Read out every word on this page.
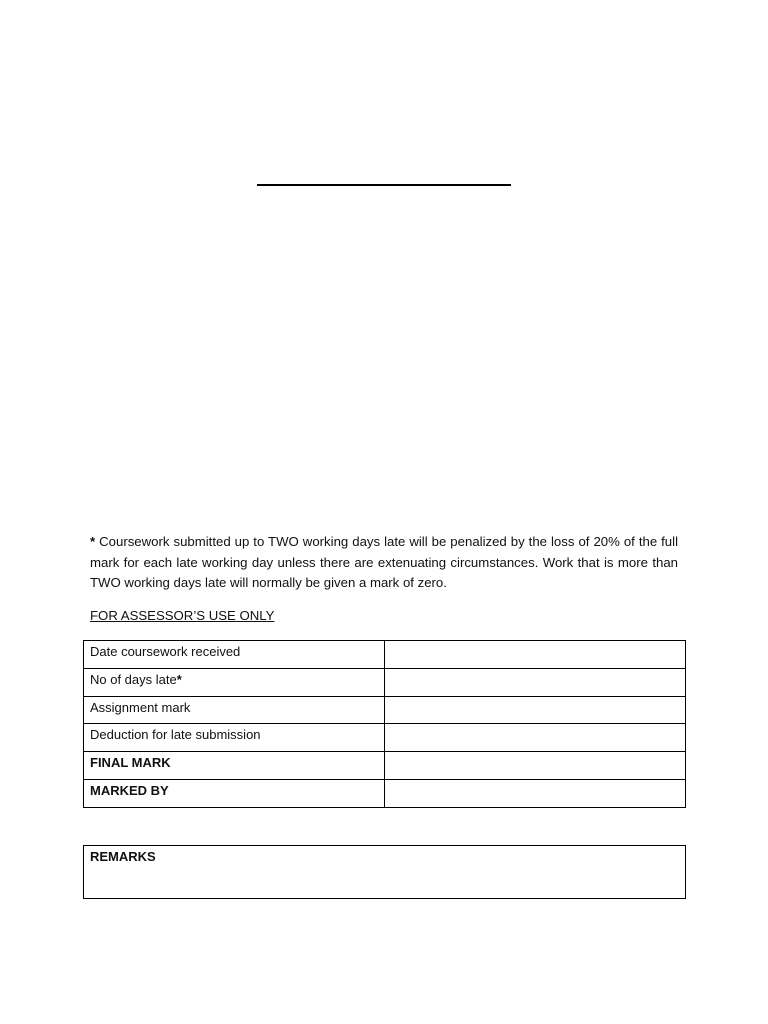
* Coursework submitted up to TWO working days late will be penalized by the loss of 20% of the full mark for each late working day unless there are extenuating circumstances. Work that is more than TWO working days late will normally be given a mark of zero.
FOR ASSESSOR’S USE ONLY
Date coursework received	
No of days late*	
Assignment mark	
Deduction for late submission	
FINAL MARK	
MARKED BY	
REMARKS
